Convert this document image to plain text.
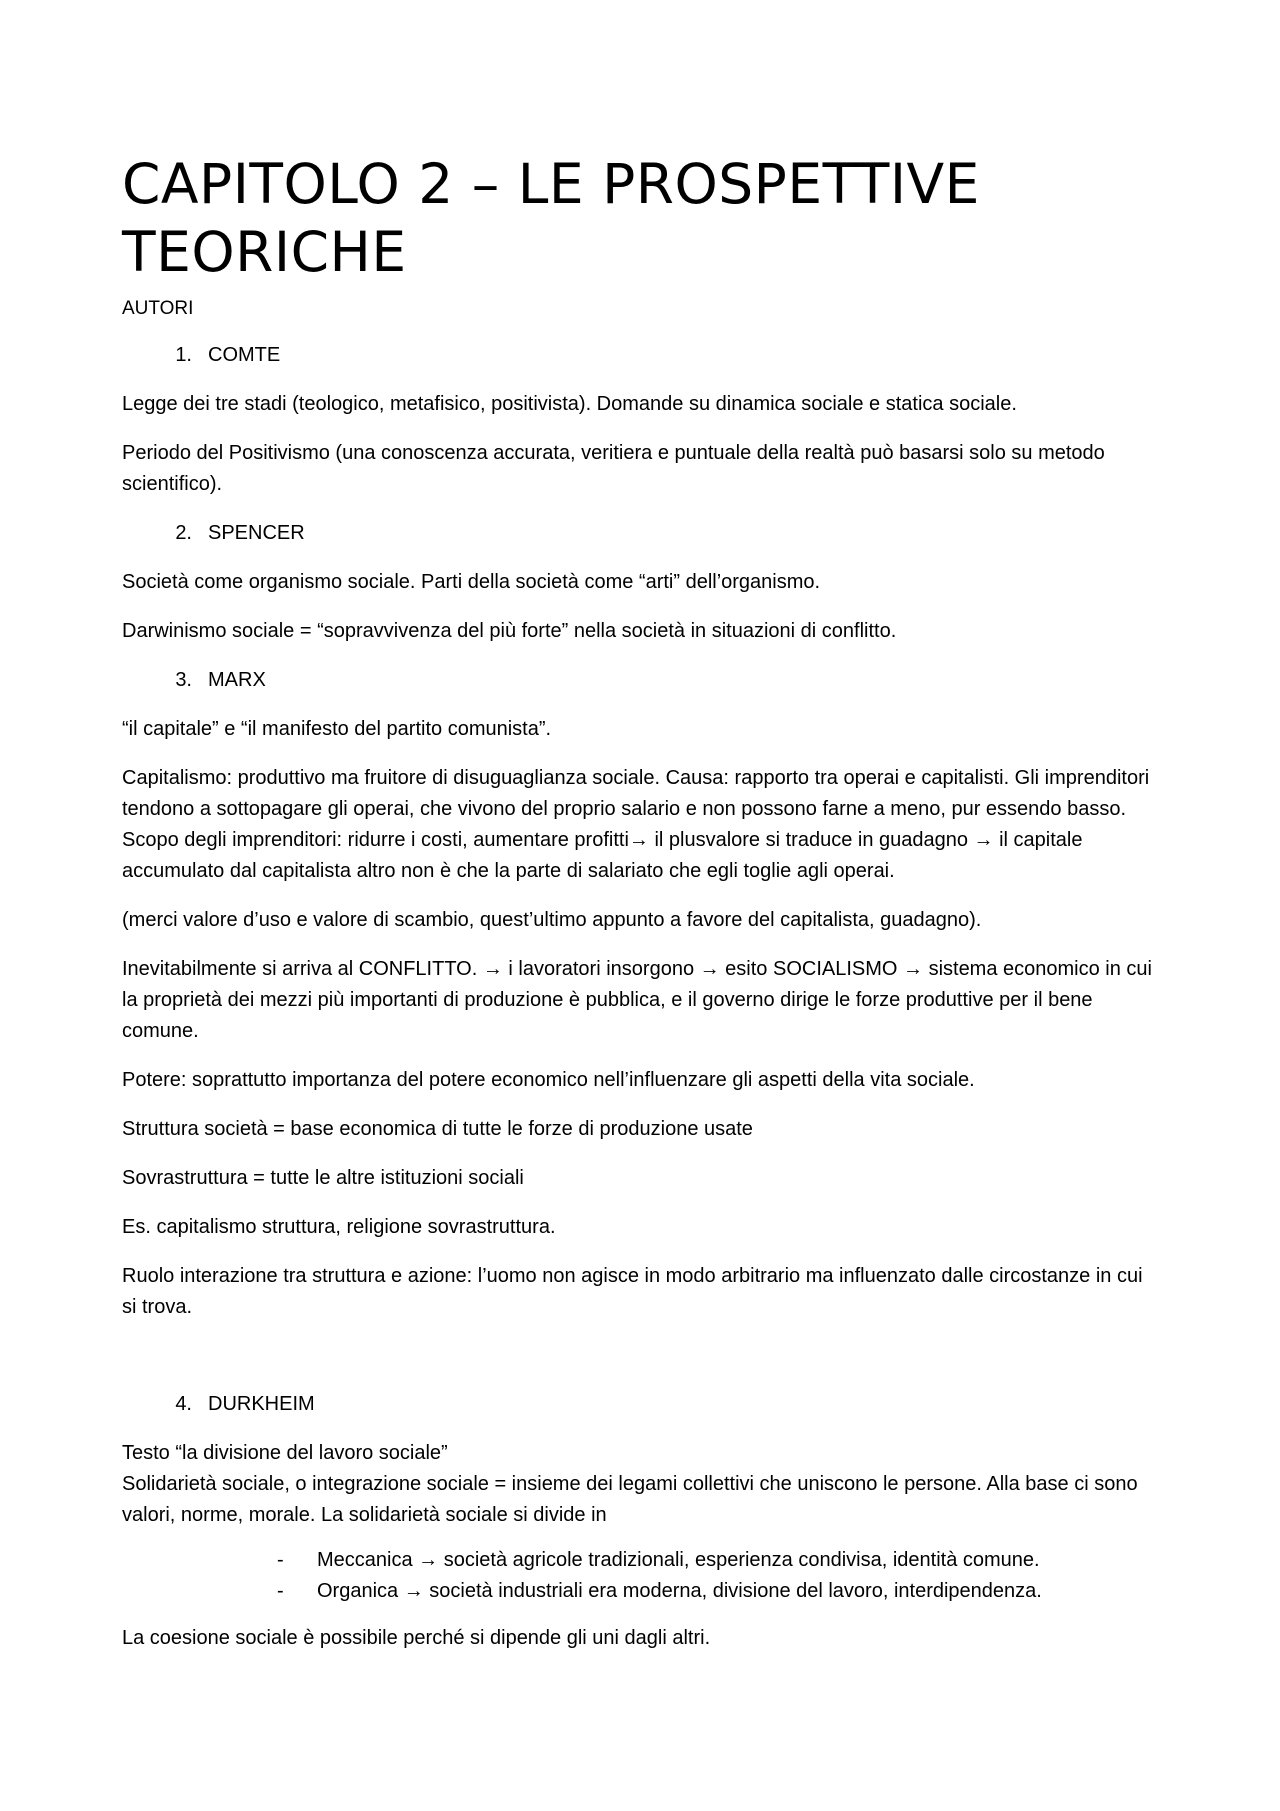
CAPITOLO 2 – LE PROSPETTIVE TEORICHE
AUTORI
1. COMTE

Legge dei tre stadi (teologico, metafisico, positivista). Domande su dinamica sociale e statica sociale.

Periodo del Positivismo (una conoscenza accurata, veritiera e puntuale della realtà può basarsi solo su metodo scientifico).

2. SPENCER

Società come organismo sociale. Parti della società come “arti” dell’organismo.

Darwinismo sociale = “sopravvivenza del più forte” nella società in situazioni di conflitto.

3. MARX

“il capitale” e “il manifesto del partito comunista”.

Capitalismo: produttivo ma fruitore di disuguaglianza sociale. Causa: rapporto tra operai e capitalisti. Gli imprenditori tendono a sottopagare gli operai, che vivono del proprio salario e non possono farne a meno, pur essendo basso. Scopo degli imprenditori: ridurre i costi, aumentare profitti→ il plusvalore si traduce in guadagno → il capitale accumulato dal capitalista altro non è che la parte di salariato che egli toglie agli operai.

(merci valore d’uso e valore di scambio, quest’ultimo appunto a favore del capitalista, guadagno).

Inevitabilmente si arriva al CONFLITTO. → i lavoratori insorgono → esito SOCIALISMO → sistema economico in cui la proprietà dei mezzi più importanti di produzione è pubblica, e il governo dirige le forze produttive per il bene comune.

Potere: soprattutto importanza del potere economico nell’influenzare gli aspetti della vita sociale.

Struttura società = base economica di tutte le forze di produzione usate

Sovrastruttura = tutte le altre istituzioni sociali

Es. capitalismo struttura, religione sovrastruttura.

Ruolo interazione tra struttura e azione: l’uomo non agisce in modo arbitrario ma influenzato dalle circostanze in cui si trova.

4. DURKHEIM

Testo “la divisione del lavoro sociale”

Solidarietà sociale, o integrazione sociale = insieme dei legami collettivi che uniscono le persone. Alla base ci sono valori, norme, morale. La solidarietà sociale si divide in

-	Meccanica → società agricole tradizionali, esperienza condivisa, identità comune.
-	Organica → società industriali era moderna, divisione del lavoro, interdipendenza.

La coesione sociale è possibile perché si dipende gli uni dagli altri.
